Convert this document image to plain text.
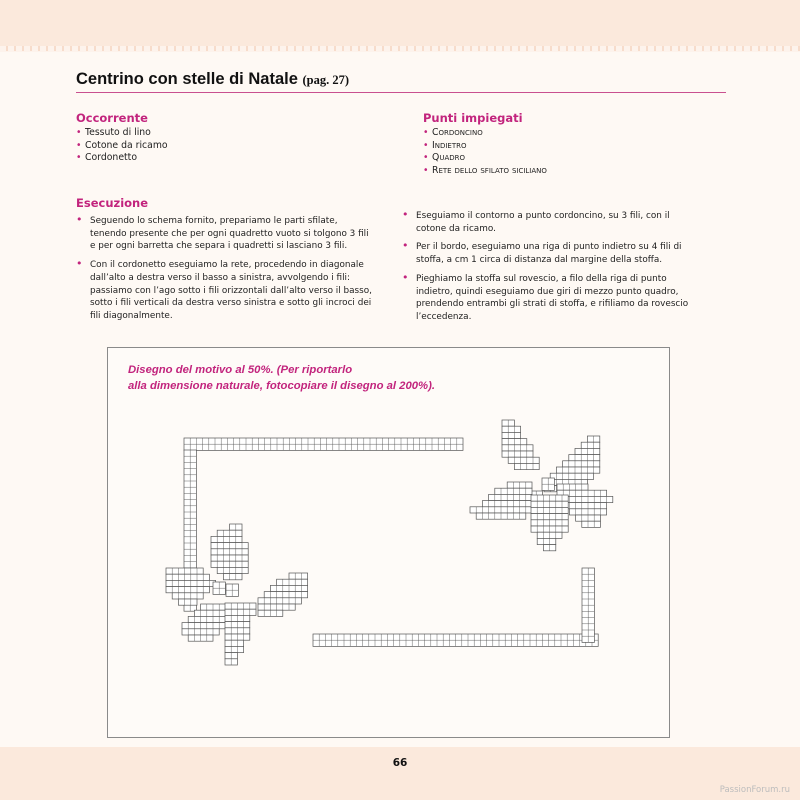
Centrino con stelle di Natale (pag. 27)
Occorrente
• Tessuto di lino
• Cotone da ricamo
• Cordonetto
Punti impiegati
• Cordoncino
• Indietro
• Quadro
• Rete dello sfilato siciliano
Esecuzione
• Seguendo lo schema fornito, prepariamo le parti sfilate, tenendo presente che per ogni quadretto vuoto si tolgono 3 fili e per ogni barretta che separa i quadretti si lasciano 3 fili.
• Con il cordonetto eseguiamo la rete, procedendo in diagonale dall’alto a destra verso il basso a sinistra, avvolgendo i fili: passiamo con l’ago sotto i fili orizzontali dall’alto verso il basso, sotto i fili verticali da destra verso sinistra e sotto gli incroci dei fili diagonalmente.
• Eseguiamo il contorno a punto cordoncino, su 3 fili, con il cotone da ricamo.
• Per il bordo, eseguiamo una riga di punto indietro su 4 fili di stoffa, a cm 1 circa di distanza dal margine della stoffa.
• Pieghiamo la stoffa sul rovescio, a filo della riga di punto indietro, quindi eseguiamo due giri di mezzo punto quadro, prendendo entrambi gli strati di stoffa, e rifiliamo da rovescio l’eccedenza.

Disegno del motivo al 50%. (Per riportarlo
alla dimensione naturale, fotocopiare il disegno al 200%).

66
PassionForum.ru
